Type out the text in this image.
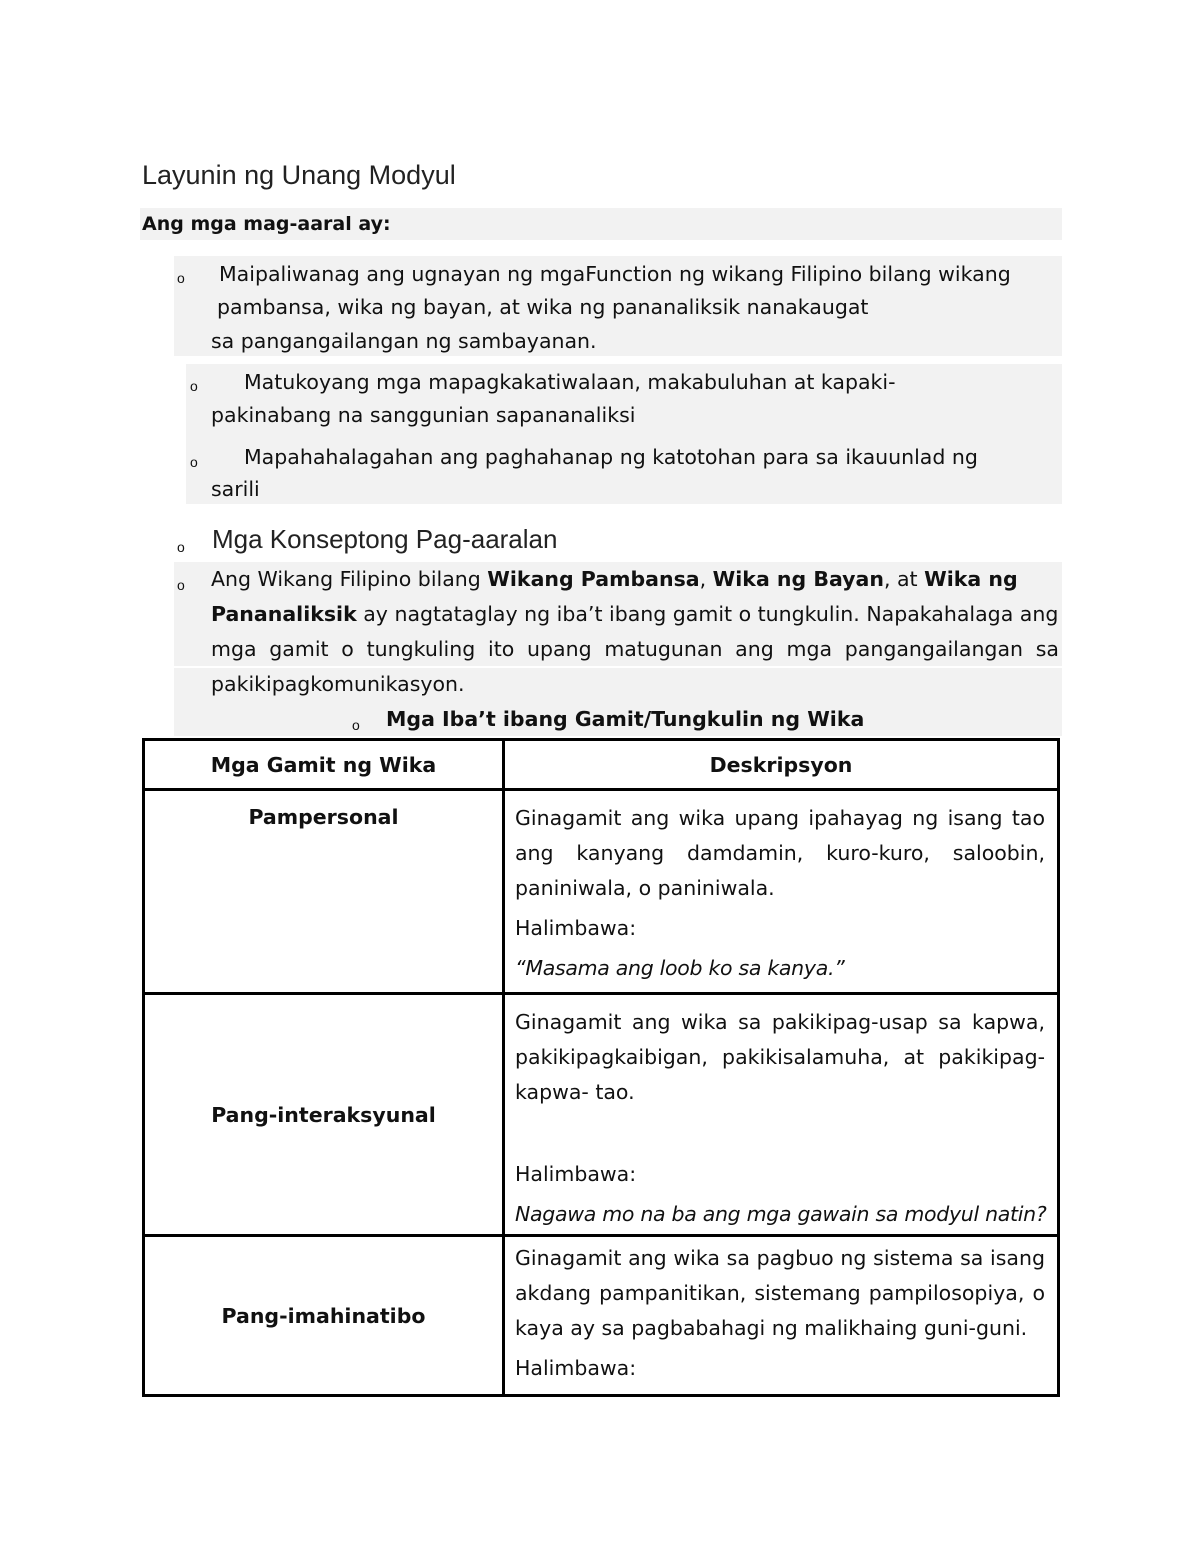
Layunin ng Unang Modyul
Ang mga mag-aaral ay:
o Maipaliwanag ang ugnayan ng mgaFunction ng wikang Filipino bilang wikang
pambansa, wika ng bayan, at wika ng pananaliksik nanakaugat
sa pangangailangan ng sambayanan.
o Matukoyang mga mapagkakatiwalaan, makabuluhan at kapaki-
pakinabang na sanggunian sapananaliksi
o Mapahahalagahan ang paghahanap ng katotohan para sa ikauunlad ng
sarili
o Mga Konseptong Pag-aaralan
o Ang Wikang Filipino bilang Wikang Pambansa, Wika ng Bayan, at Wika ng
Pananaliksik ay nagtataglay ng iba’t ibang gamit o tungkulin. Napakahalaga ang
mga gamit o tungkuling ito upang matugunan ang mga pangangailangan sa
pakikipagkomunikasyon.
o Mga Iba’t ibang Gamit/Tungkulin ng Wika
Mga Gamit ng Wika	Deskripsyon
Pampersonal	Ginagamit ang wika upang ipahayag ng isang tao ang kanyang damdamin, kuro-kuro, saloobin, paniniwala, o paniniwala.

Halimbawa:

“Masama ang loob ko sa kanya.”

Pang-interaksyunal	Ginagamit ang wika sa pakikipag-usap sa kapwa, pakikipagkaibigan, pakikisalamuha, at pakikipag-kapwa- tao.

Halimbawa:

Nagawa mo na ba ang mga gawain sa modyul natin?

Pang-imahinatibo	Ginagamit ang wika sa pagbuo ng sistema sa isang akdang pampanitikan, sistemang pampilosopiya, o kaya ay sa pagbabahagi ng malikhaing guni-guni.

Halimbawa:
